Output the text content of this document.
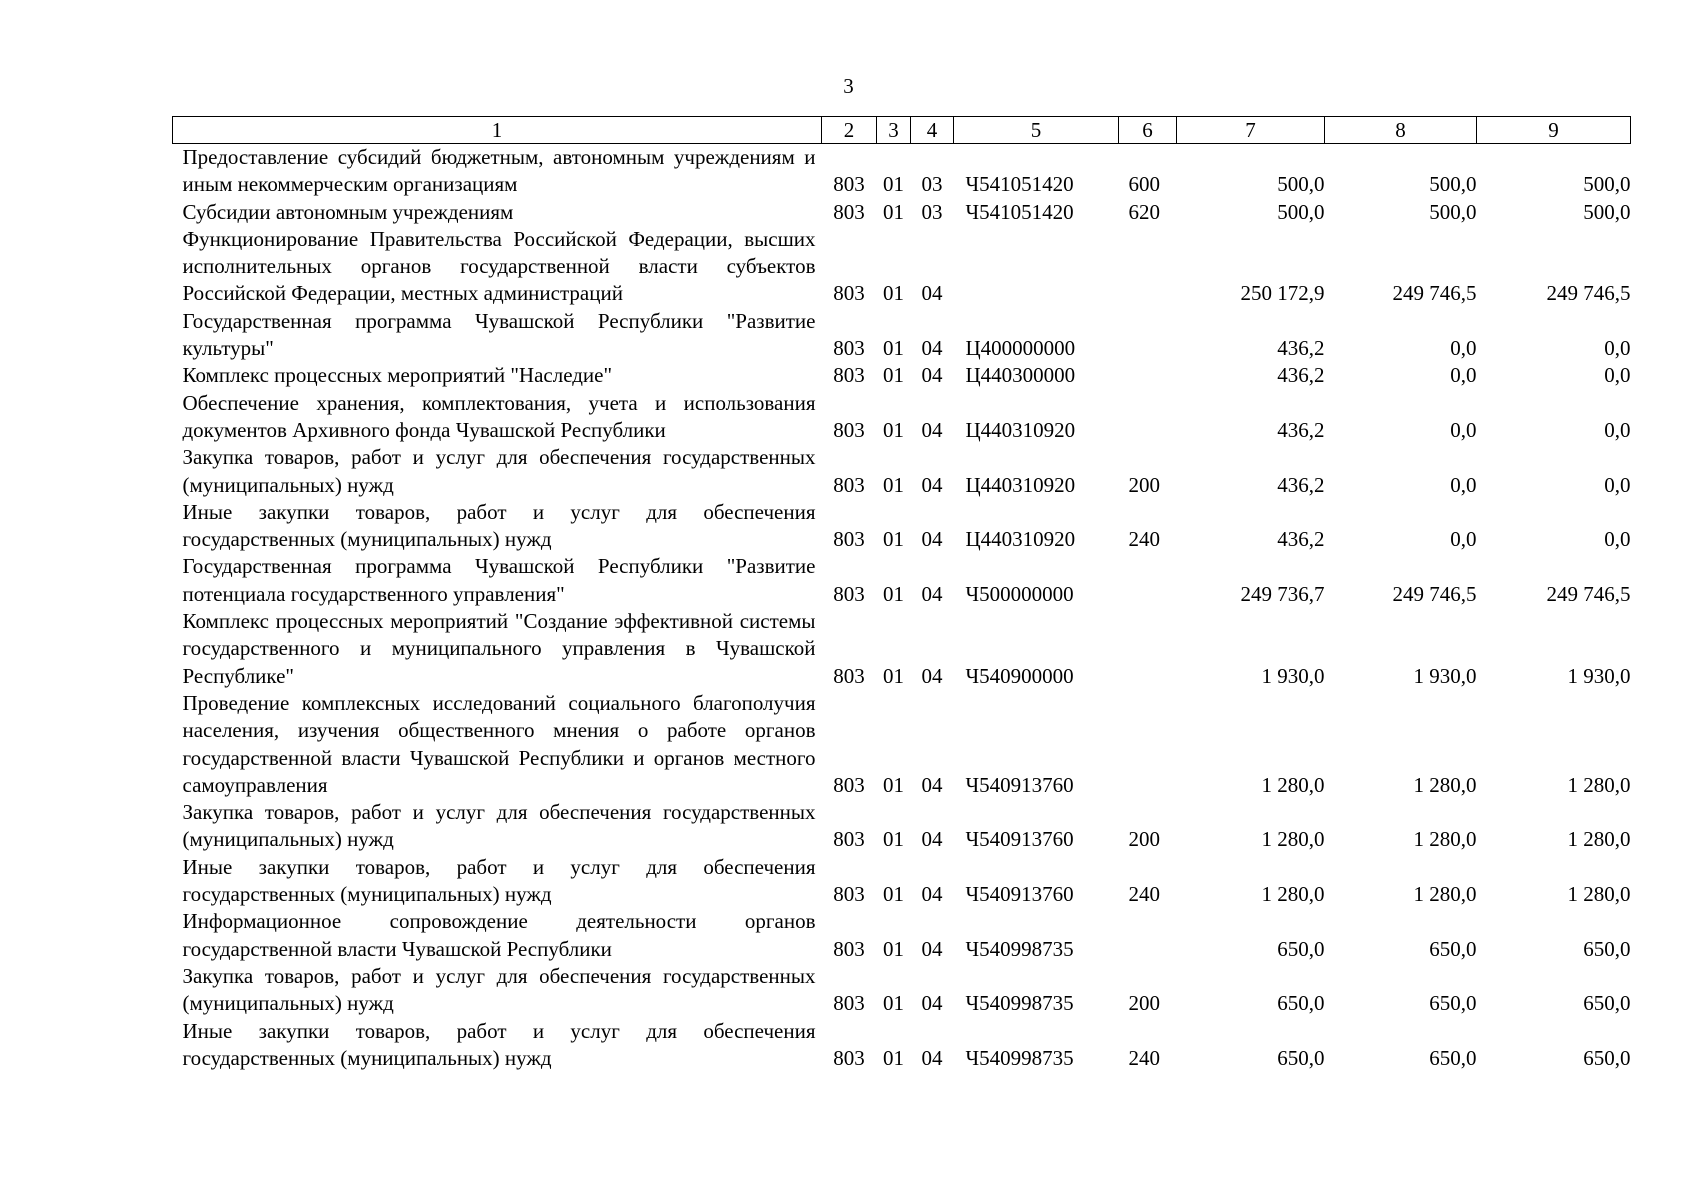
3
1	2	3	4	5	6	7	8	9
Предоставление субсидий бюджетным, автономным учреждениям и иным некоммерческим организациям	803	01	03	Ч541051420	600	500,0	500,0	500,0
Субсидии автономным учреждениям	803	01	03	Ч541051420	620	500,0	500,0	500,0
Функционирование Правительства Российской Федерации, высших исполнительных органов государственной власти субъектов Российской Федерации, местных администраций	803	01	04			250 172,9	249 746,5	249 746,5
Государственная программа Чувашской Республики "Развитие культуры"	803	01	04	Ц400000000		436,2	0,0	0,0
Комплекс процессных мероприятий "Наследие"	803	01	04	Ц440300000		436,2	0,0	0,0
Обеспечение хранения, комплектования, учета и использования документов Архивного фонда Чувашской Республики	803	01	04	Ц440310920		436,2	0,0	0,0
Закупка товаров, работ и услуг для обеспечения государственных (муниципальных) нужд	803	01	04	Ц440310920	200	436,2	0,0	0,0
Иные закупки товаров, работ и услуг для обеспечения государственных (муниципальных) нужд	803	01	04	Ц440310920	240	436,2	0,0	0,0
Государственная программа Чувашской Республики "Развитие потенциала государственного управления"	803	01	04	Ч500000000		249 736,7	249 746,5	249 746,5
Комплекс процессных мероприятий "Создание эффективной системы государственного и муниципального управления в Чувашской Республике"	803	01	04	Ч540900000		1 930,0	1 930,0	1 930,0
Проведение комплексных исследований социального благополучия населения, изучения общественного мнения о работе органов государственной власти Чувашской Республики и органов местного самоуправления	803	01	04	Ч540913760		1 280,0	1 280,0	1 280,0
Закупка товаров, работ и услуг для обеспечения государственных (муниципальных) нужд	803	01	04	Ч540913760	200	1 280,0	1 280,0	1 280,0
Иные закупки товаров, работ и услуг для обеспечения государственных (муниципальных) нужд	803	01	04	Ч540913760	240	1 280,0	1 280,0	1 280,0
Информационное сопровождение деятельности органов государственной власти Чувашской Республики	803	01	04	Ч540998735		650,0	650,0	650,0
Закупка товаров, работ и услуг для обеспечения государственных (муниципальных) нужд	803	01	04	Ч540998735	200	650,0	650,0	650,0
Иные закупки товаров, работ и услуг для обеспечения государственных (муниципальных) нужд	803	01	04	Ч540998735	240	650,0	650,0	650,0
